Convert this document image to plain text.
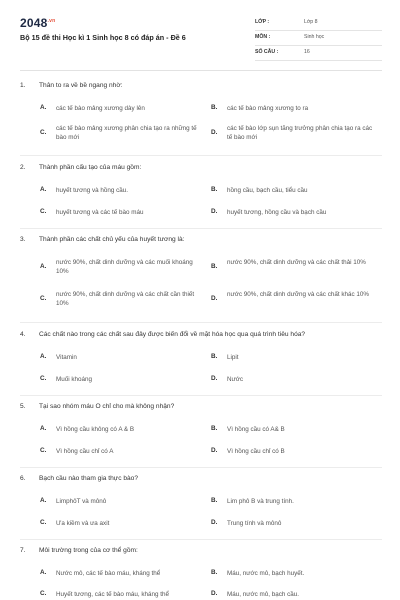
$2048^{.vn}$
Bộ 15 đề thi Học kì 1 Sinh học 8 có đáp án - Đề 6
LỚP :	Lớp 8
MÔN :	Sinh học
SỐ CÂU :	16
1. Thân to ra về bề ngang nhờ:
A. các tế bào mảng xương dày lên	B. các tế bào mảng xương to ra
C.
các tế bào mảng xương phân chia tạo ra những tế bào mới
D.
các tế bào lớp sụn tăng trưởng phân chia tạo ra các tế bào mới
2. Thành phần cấu tạo của máu gồm:
A. huyết tương và hồng cầu.	B. hồng cầu, bạch cầu, tiểu cầu
C. huyết tương và các tế bào máu	D. huyết tương, hồng cầu và bạch cầu
3. Thành phần các chất chủ yếu của huyết tương là:
A.
nước 90%, chất dinh dưỡng và các muối khoáng 10%
B.
nước 90%, chất dinh dưỡng và các chất thải 10%
C.
nước 90%, chất dinh dưỡng và các chất cần thiết 10%
D.
nước 90%, chất dinh dưỡng và các chất khác 10%
4. Các chất nào trong các chất sau đây được biến đổi về mặt hóa học qua quá trình tiêu hóa?
A. Vitamin	B. Lipit
C. Muối khoáng	D. Nước
5. Tại sao nhóm máu O chỉ cho mà không nhận?
A. Vì hồng cầu không có A & B	B. Vì hồng cầu có A& B
C. Vì hồng cầu chỉ có A	D. Vì hồng cầu chỉ có B
6. Bạch cầu nào tham gia thực bào?
A. LimphôT và mônô	B. Lim phô B và trung tính.
C. Ưa kiềm và ưa axit	D. Trung tính và mônô
7. Môi trường trong của cơ thể gồm:
A. Nước mô, các tế bào máu, kháng thể	B. Máu, nước mô, bạch huyết.
C. Huyết tương, các tế bào máu, kháng thể	D. Máu, nước mô, bạch cầu.
